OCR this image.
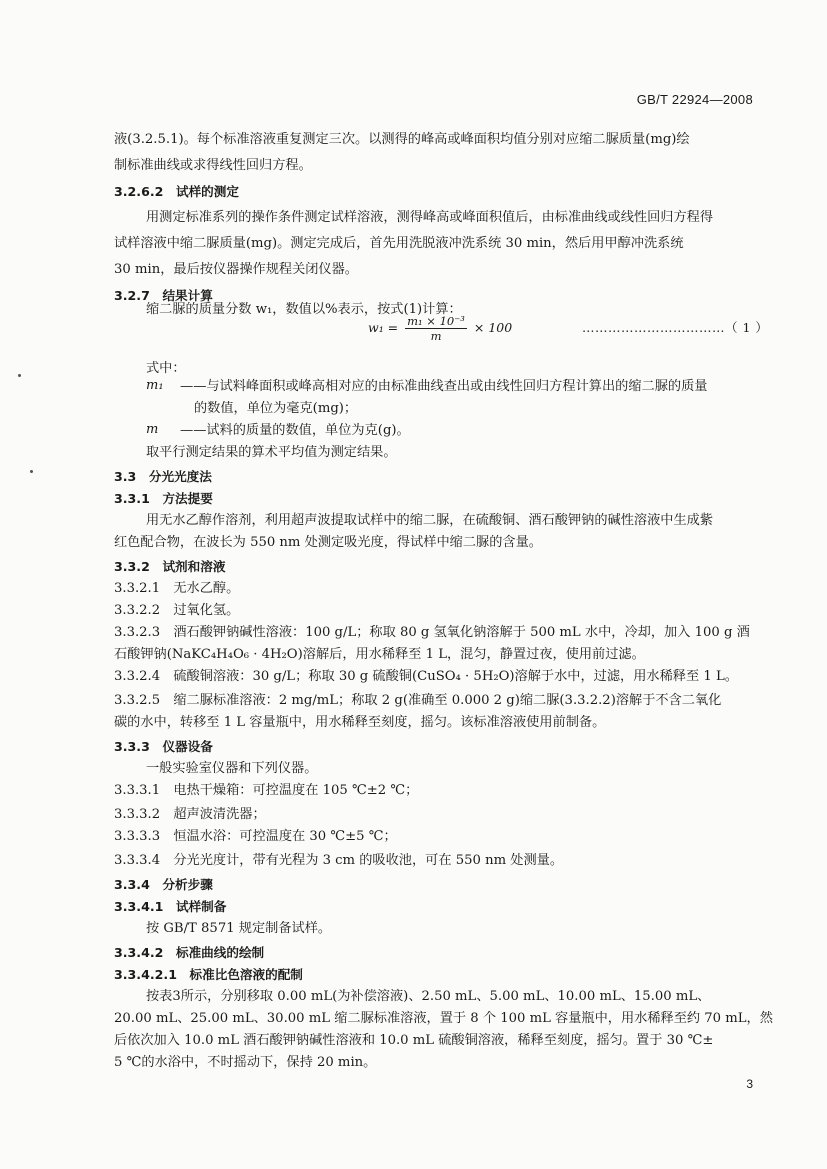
GB/T 22924—2008
液(3.2.5.1)。每个标准溶液重复测定三次。以测得的峰高或峰面积均值分别对应缩二脲质量(mg)绘
制标准曲线或求得线性回归方程。
3.2.6.2　试样的测定
用测定标准系列的操作条件测定试样溶液，测得峰高或峰面积值后，由标准曲线或线性回归方程得
试样溶液中缩二脲质量(mg)。测定完成后，首先用洗脱液冲洗系统 30 min，然后用甲醇冲洗系统
30 min，最后按仪器操作规程关闭仪器。
3.2.7　结果计算
缩二脲的质量分数 w₁，数值以%表示，按式(1)计算：
$w_1 = \frac{\text{m₁ × 10⁻³}}{m} \times 100$	……………………………（ 1 ）
式中：
m₁ ——与试料峰面积或峰高相对应的由标准曲线查出或由线性回归方程计算出的缩二脲的质量
的数值，单位为毫克(mg)；
m ——试料的质量的数值，单位为克(g)。
取平行测定结果的算术平均值为测定结果。
3.3　分光光度法
3.3.1　方法提要
用无水乙醇作溶剂，利用超声波提取试样中的缩二脲，在硫酸铜、酒石酸钾钠的碱性溶液中生成紫
红色配合物，在波长为 550 nm 处测定吸光度，得试样中缩二脲的含量。
3.3.2　试剂和溶液
3.3.2.1　无水乙醇。
3.3.2.2　过氧化氢。
3.3.2.3　酒石酸钾钠碱性溶液：100 g/L；称取 80 g 氢氧化钠溶解于 500 mL 水中，冷却，加入 100 g 酒
石酸钾钠(NaKC₄H₄O₆ · 4H₂O)溶解后，用水稀释至 1 L，混匀，静置过夜，使用前过滤。
3.3.2.4　硫酸铜溶液：30 g/L；称取 30 g 硫酸铜(CuSO₄ · 5H₂O)溶解于水中，过滤，用水稀释至 1 L。
3.3.2.5　缩二脲标准溶液：2 mg/mL；称取 2 g(准确至 0.000 2 g)缩二脲(3.3.2.2)溶解于不含二氧化
碳的水中，转移至 1 L 容量瓶中，用水稀释至刻度，摇匀。该标准溶液使用前制备。
3.3.3　仪器设备
一般实验室仪器和下列仪器。
3.3.3.1　电热干燥箱：可控温度在 105 ℃±2 ℃；
3.3.3.2　超声波清洗器；
3.3.3.3　恒温水浴：可控温度在 30 ℃±5 ℃；
3.3.3.4　分光光度计，带有光程为 3 cm 的吸收池，可在 550 nm 处测量。
3.3.4　分析步骤
3.3.4.1　试样制备
按 GB/T 8571 规定制备试样。
3.3.4.2　标准曲线的绘制
3.3.4.2.1　标准比色溶液的配制
按表3所示，分别移取 0.00 mL(为补偿溶液)、2.50 mL、5.00 mL、10.00 mL、15.00 mL、
20.00 mL、25.00 mL、30.00 mL 缩二脲标准溶液，置于 8 个 100 mL 容量瓶中，用水稀释至约 70 mL，然
后依次加入 10.0 mL 酒石酸钾钠碱性溶液和 10.0 mL 硫酸铜溶液，稀释至刻度，摇匀。置于 30 ℃±
5 ℃的水浴中，不时摇动下，保持 20 min。
3
